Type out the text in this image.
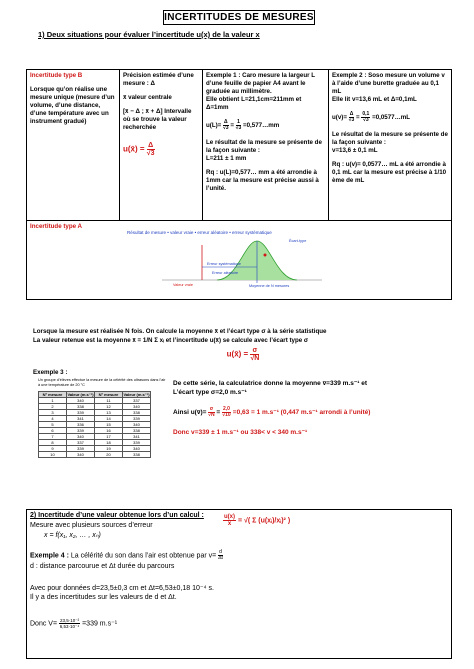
INCERTITUDES DE MESURES
1) Deux situations pour évaluer l’incertitude u(x) de la valeur x
Incertitude type B
Lorsque qu’on réalise une mesure unique (mesure d’un volume, d’une distance, d’une température avec un instrument gradué)
Précision estimée d’une mesure : Δ
x̄ valeur centrale
[x̄ − Δ ; x̄ + Δ] Intervalle où se trouve la valeur recherchée
u(x̄) = $\frac{\Delta}{√3}$
Exemple 1 : Caro mesure la largeur L d’une feuille de papier A4 avant le graduée au millimètre.
Elle obtient L=21,1cm=211mm et Δ=1mm
$u(L)= \frac{\Delta}{√3} = \frac{1}{√3}$ =0,577…mm
Le résultat de la mesure se présente de la façon suivante :
L=211 ± 1 mm
Rq : u(L)=0,577… mm a été arrondie à 1mm car la mesure est précise aussi à l’unité.
Exemple 2 : Soso mesure un volume v à l’aide d’une burette graduée au 0,1 mL
Elle lit v=13,6 mL et Δ=0,1mL
$u(v)= \frac{\Delta}{√3} = \frac{0,1}{√3}$ =0,0577…mL
Le résultat de la mesure se présente de la façon suivante :
v=13,6 ± 0,1 mL
Rq : u(v)= 0,0577… mL a été arrondie à 0,1 mL car la mesure est précise à 1/10 ème de mL
Incertitude type A
Résultat de mesure • valeur vraie • erreur aléatoire • erreur systématique
Écart-type
Erreur systématique
Erreur aléatoire
Valeur vraie	Moyenne de N mesures
Lorsque la mesure est réalisée N fois. On calcule la moyenne x̄ et l’écart type σ à la série statistique
La valeur retenue est la moyenne x̄ = 1/N Σ xᵢ et l’incertitude u(x̄) se calcule avec l’écart type σ
u(x̄) = $\frac{\sigma}{√N}$
Exemple 3 :
Un groupe d’élèves effectue la mesure de la célérité des ultrasons dans l’air à une température de 20 °C
N° mesure	Valeur (m.s⁻¹)	N° mesure	Valeur (m.s⁻¹)
1	340	11	337
2	338	12	340
3	339	13	338
4	341	14	339
5	336	15	340
6	339	16	338
7	340	17	341
8	337	18	339
9	339	19	340
10	340	20	338
De cette série, la calculatrice donne la moyenne v̄=339 m.s⁻¹ et
L’écart type σ=2,0 m.s⁻¹
Ainsi u(v̄)= $\frac{\sigma}{√N} = \frac{2,0}{√10} =0,63 = 1$ m.s⁻¹ (0,447 m.s⁻¹ arrondi à l’unité)
Donc v=339 ± 1 m.s⁻¹ ou 338< v < 340 m.s⁻¹
2) Incertitude d’une valeur obtenue lors d’un calcul :
Mesure avec plusieurs sources d’erreur
x = f(x₁, x₂, … , xₙ)
$\frac{u(x)}{x}$ = √( Σ (u(xᵢ)/xᵢ)² )
Exemple 4 : La célérité du son dans l’air est obtenue par $v= \frac{d}{\Delta t}$
d : distance parcourue et Δt durée du parcours
Avec pour données d=23,5±0,3 cm et Δt=6,53±0,18 10⁻⁴ s.
Il y a des incertitudes sur les valeurs de d et Δt.
Donc $V= \frac{\text{23,5·10⁻²}}{\text{6,53·10⁻⁴}} =339$ m.s⁻¹
